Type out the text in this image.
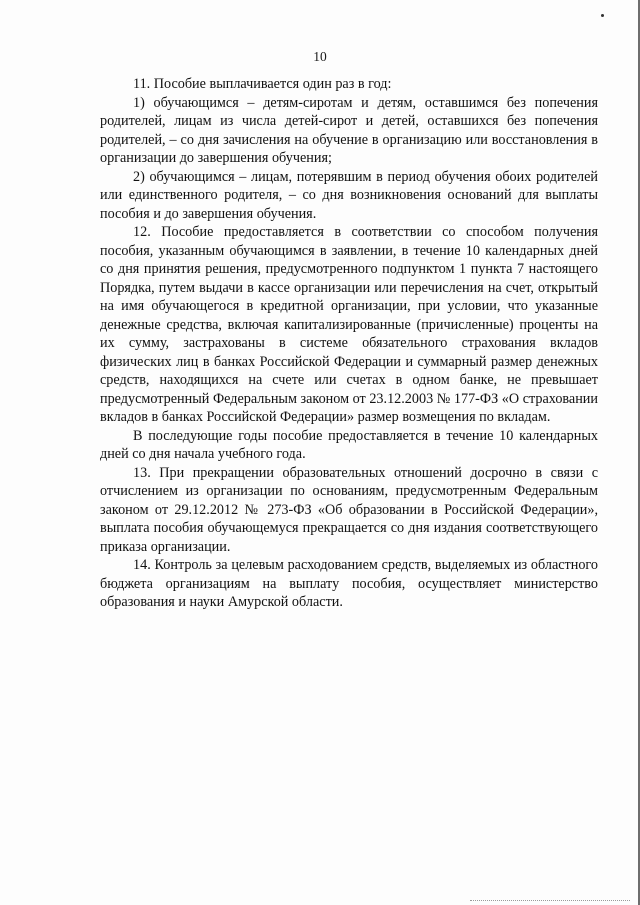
10

11. Пособие выплачивается один раз в год:

1) обучающимся – детям-сиротам и детям, оставшимся без попечения родителей, лицам из числа детей-сирот и детей, оставшихся без попечения родителей, – со дня зачисления на обучение в организацию или восстановления в организации до завершения обучения;

2) обучающимся – лицам, потерявшим в период обучения обоих родителей или единственного родителя, – со дня возникновения оснований для выплаты пособия и до завершения обучения.

12. Пособие предоставляется в соответствии со способом получения пособия, указанным обучающимся в заявлении, в течение 10 календарных дней со дня принятия решения, предусмотренного подпунктом 1 пункта 7 настоящего Порядка, путем выдачи в кассе организации или перечисления на счет, открытый на имя обучающегося в кредитной организации, при условии, что указанные денежные средства, включая капитализированные (причисленные) проценты на их сумму, застрахованы в системе обязательного страхования вкладов физических лиц в банках Российской Федерации и суммарный размер денежных средств, находящихся на счете или счетах в одном банке, не превышает предусмотренный Федеральным законом от 23.12.2003 № 177-ФЗ «О страховании вкладов в банках Российской Федерации» размер возмещения по вкладам.

В последующие годы пособие предоставляется в течение 10 календарных дней со дня начала учебного года.

13. При прекращении образовательных отношений досрочно в связи с отчислением из организации по основаниям, предусмотренным Федеральным законом от 29.12.2012 № 273-ФЗ «Об образовании в Российской Федерации», выплата пособия обучающемуся прекращается со дня издания соответствующего приказа организации.

14. Контроль за целевым расходованием средств, выделяемых из областного бюджета организациям на выплату пособия, осуществляет министерство образования и науки Амурской области.
